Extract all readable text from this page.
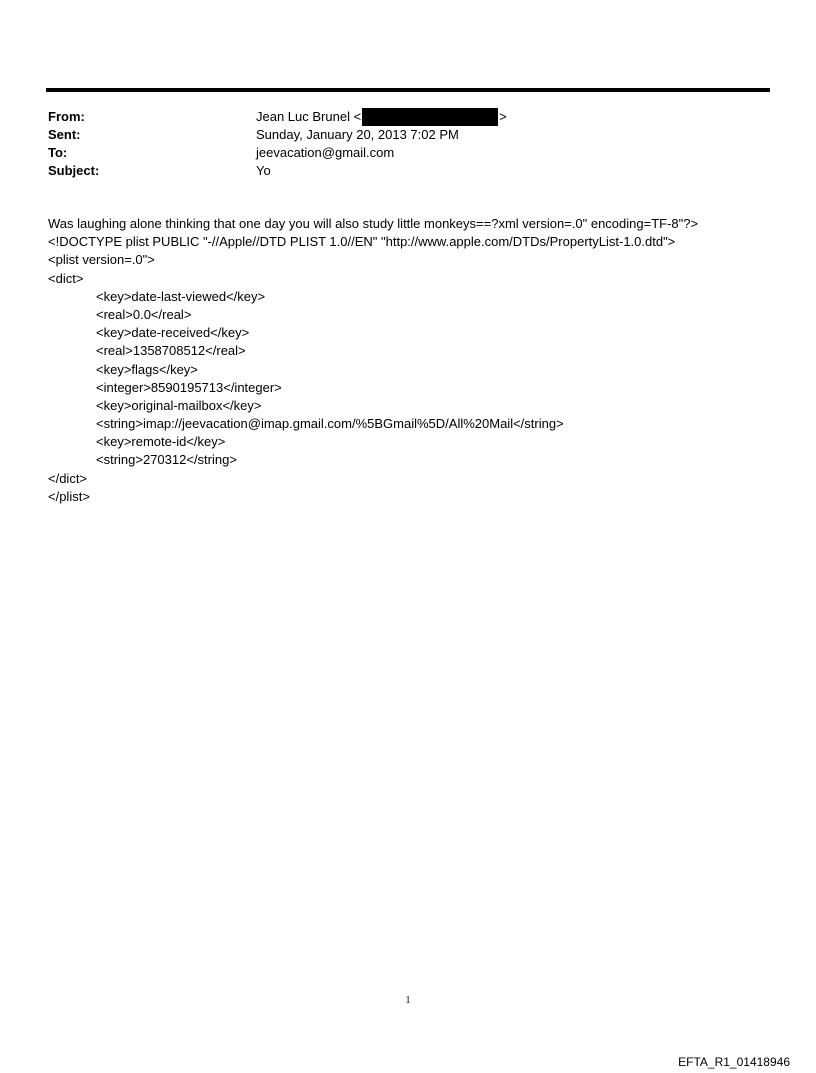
From:	Jean Luc Brunel <	>
Sent:	Sunday, January 20, 2013 7:02 PM
To:	jeevacation@gmail.com
Subject:	Yo
Was laughing alone thinking that one day you will also study little monkeys==?xml version=.0" encoding=TF-8"?>
<!DOCTYPE plist PUBLIC "-//Apple//DTD PLIST 1.0//EN" "http://www.apple.com/DTDs/PropertyList-1.0.dtd">
<plist version=.0">
<dict>
<key>date-last-viewed</key>
<real>0.0</real>
<key>date-received</key>
<real>1358708512</real>
<key>flags</key>
<integer>8590195713</integer>
<key>original-mailbox</key>
<string>imap://jeevacation@imap.gmail.com/%5BGmail%5D/All%20Mail</string>
<key>remote-id</key>
<string>270312</string>
</dict>
</plist>
1
EFTA_R1_01418946
